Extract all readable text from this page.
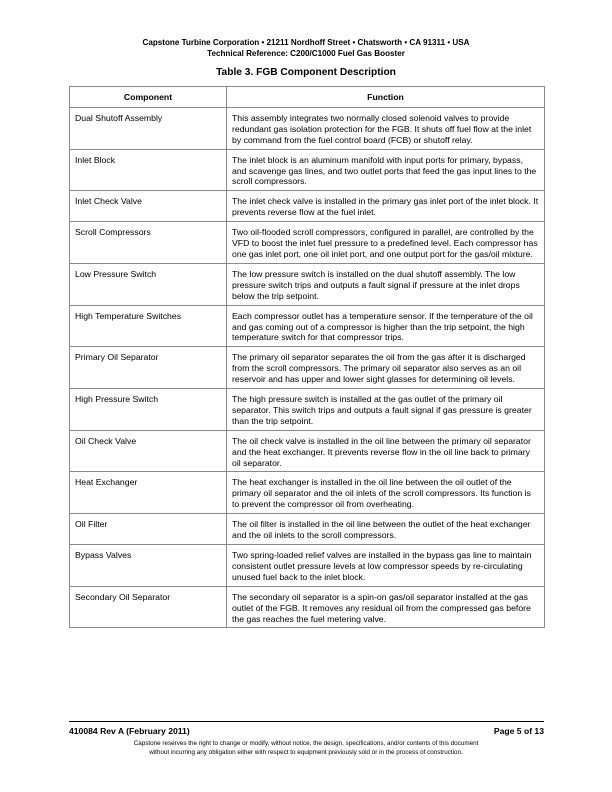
Capstone Turbine Corporation • 21211 Nordhoff Street • Chatsworth • CA 91311 • USA
Technical Reference: C200/C1000 Fuel Gas Booster
Table 3. FGB Component Description
Component	Function
Dual Shutoff Assembly	This assembly integrates two normally closed solenoid valves to provide redundant gas isolation protection for the FGB. It shuts off fuel flow at the inlet by command from the fuel control board (FCB) or shutoff relay.
Inlet Block	The inlet block is an aluminum manifold with input ports for primary, bypass, and scavenge gas lines, and two outlet ports that feed the gas input lines to the scroll compressors.
Inlet Check Valve	The inlet check valve is installed in the primary gas inlet port of the inlet block. It prevents reverse flow at the fuel inlet.
Scroll Compressors	Two oil-flooded scroll compressors, configured in parallel, are controlled by the VFD to boost the inlet fuel pressure to a predefined level. Each compressor has one gas inlet port, one oil inlet port, and one output port for the gas/oil mixture.
Low Pressure Switch	The low pressure switch is installed on the dual shutoff assembly. The low pressure switch trips and outputs a fault signal if pressure at the inlet drops below the trip setpoint.
High Temperature Switches	Each compressor outlet has a temperature sensor. If the temperature of the oil and gas coming out of a compressor is higher than the trip setpoint, the high temperature switch for that compressor trips.
Primary Oil Separator	The primary oil separator separates the oil from the gas after it is discharged from the scroll compressors. The primary oil separator also serves as an oil reservoir and has upper and lower sight glasses for determining oil levels.
High Pressure Switch	The high pressure switch is installed at the gas outlet of the primary oil separator. This switch trips and outputs a fault signal if gas pressure is greater than the trip setpoint.
Oil Check Valve	The oil check valve is installed in the oil line between the primary oil separator and the heat exchanger. It prevents reverse flow in the oil line back to primary oil separator.
Heat Exchanger	The heat exchanger is installed in the oil line between the oil outlet of the primary oil separator and the oil inlets of the scroll compressors. Its function is to prevent the compressor oil from overheating.
Oil Filter	The oil filter is installed in the oil line between the outlet of the heat exchanger and the oil inlets to the scroll compressors.
Bypass Valves	Two spring-loaded relief valves are installed in the bypass gas line to maintain consistent outlet pressure levels at low compressor speeds by re-circulating unused fuel back to the inlet block.
Secondary Oil Separator	The secondary oil separator is a spin-on gas/oil separator installed at the gas outlet of the FGB. It removes any residual oil from the compressed gas before the gas reaches the fuel metering valve.
410084 Rev A (February 2011)	Page 5 of 13
Capstone reserves the right to change or modify, without notice, the design, specifications, and/or contents of this document
without incurring any obligation either with respect to equipment previously sold or in the process of construction.
